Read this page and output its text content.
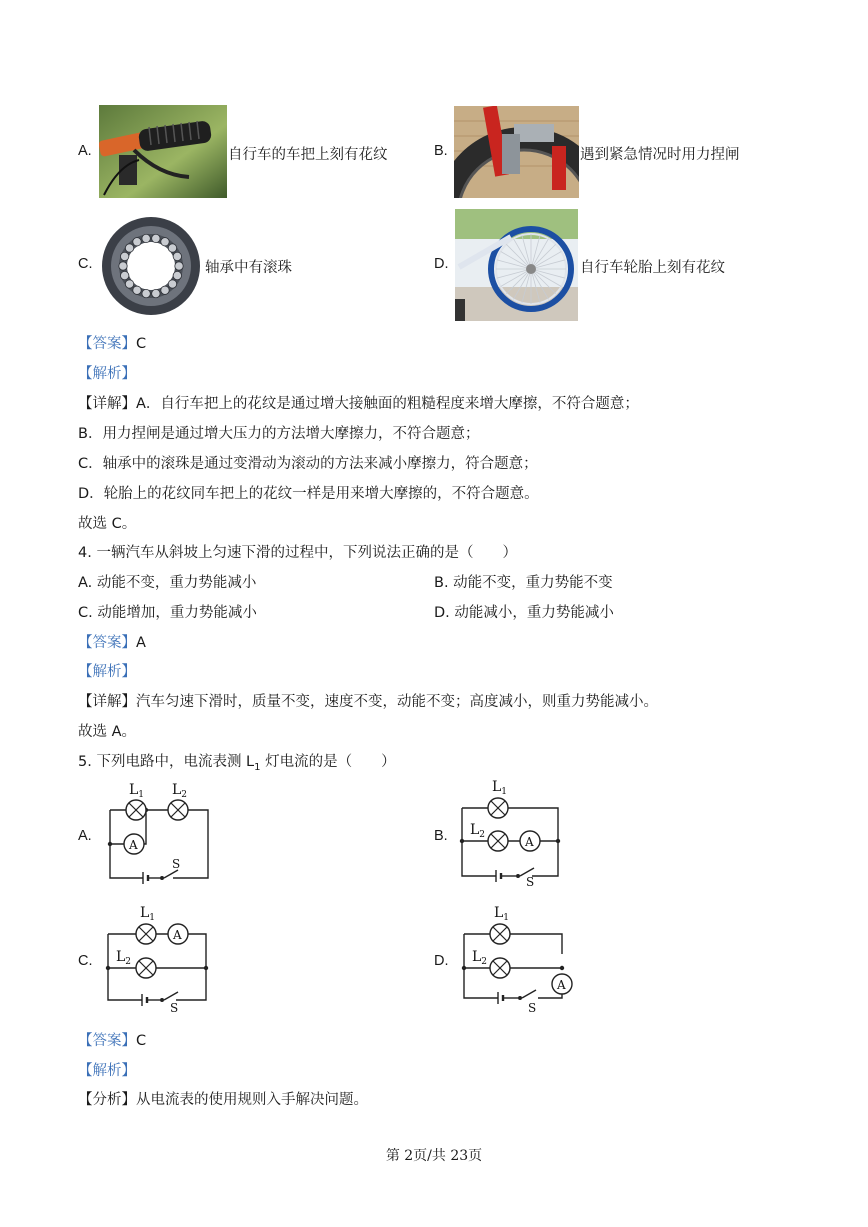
A.	自行车的车把上刻有花纹	B.	遇到紧急情况时用力捏闸
C.	轴承中有滚珠	D.	自行车轮胎上刻有花纹
【答案】C
【解析】
【详解】A．自行车把上的花纹是通过增大接触面的粗糙程度来增大摩擦，不符合题意；
B．用力捏闸是通过增大压力的方法增大摩擦力，不符合题意；
C．轴承中的滚珠是通过变滑动为滚动的方法来减小摩擦力，符合题意；
D．轮胎上的花纹同车把上的花纹一样是用来增大摩擦的，不符合题意。
故选 C。
4. 一辆汽车从斜坡上匀速下滑的过程中，下列说法正确的是（　　）
A. 动能不变，重力势能减小	B. 动能不变，重力势能不变
C. 动能增加，重力势能减小	D. 动能减小，重力势能减小
【答案】A
【解析】
【详解】汽车匀速下滑时，质量不变，速度不变，动能不变；高度减小，则重力势能减小。
故选 A。
5. 下列电路中，电流表测 $L_1$ 灯电流的是（　　）
A.
$L_1$ $L_2$
A
S
B.
$L_1$
$L_2$	A
S
C.
$L_1$
$L_2$
A
S
D.
$L_1$
$L_2$
A
S
【答案】C
【解析】
【分析】从电流表的使用规则入手解决问题。
第 2页/共 23页
